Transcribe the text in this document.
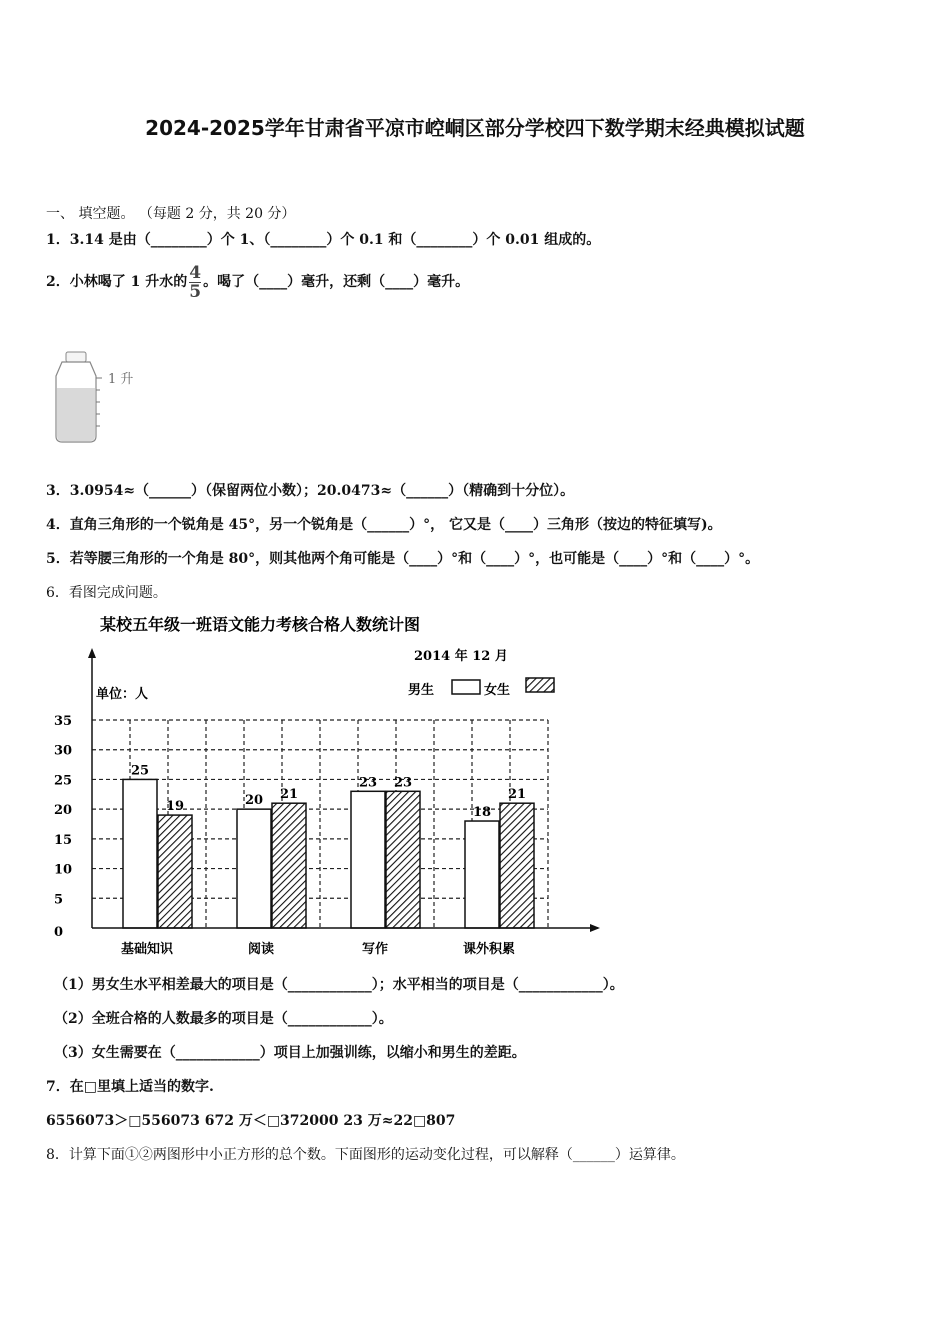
2024-2025学年甘肃省平凉市崆峒区部分学校四下数学期末经典模拟试题
一、 填空题。 （每题 2 分，共 20 分）
1．3.14 是由（________）个 1、（________）个 0.1 和（________）个 0.01 组成的。
2．小林喝了 1 升水的 $\frac{4}{5}$ 。喝了（____）毫升，还剩（____）毫升。
1 升
3．3.0954≈（______）（保留两位小数）；20.0473≈（______）（精确到十分位）。
4．直角三角形的一个锐角是 45°，另一个锐角是（______）°， 它又是（____）三角形（按边的特征填写)。
5．若等腰三角形的一个角是 80°，则其他两个角可能是（____）°和（____）°，也可能是（____）°和（____）°。
6．看图完成问题。
某校五年级一班语文能力考核合格人数统计图
2014 年 12 月
单位：人
25
19	20 21
23 23
18
21
0
5
10
15
20
25
30
35
基础知识	阅读	写作	课外积累
男生	女生
（1）男女生水平相差最大的项目是（____________）；水平相当的项目是（____________）。
（2）全班合格的人数最多的项目是（____________）。
（3）女生需要在（____________）项目上加强训练，以缩小和男生的差距。
7．在□里填上适当的数字.
6556073＞□556073 672 万＜□372000 23 万≈22□807
8．计算下面①②两图形中小正方形的总个数。下面图形的运动变化过程，可以解释（______）运算律。
